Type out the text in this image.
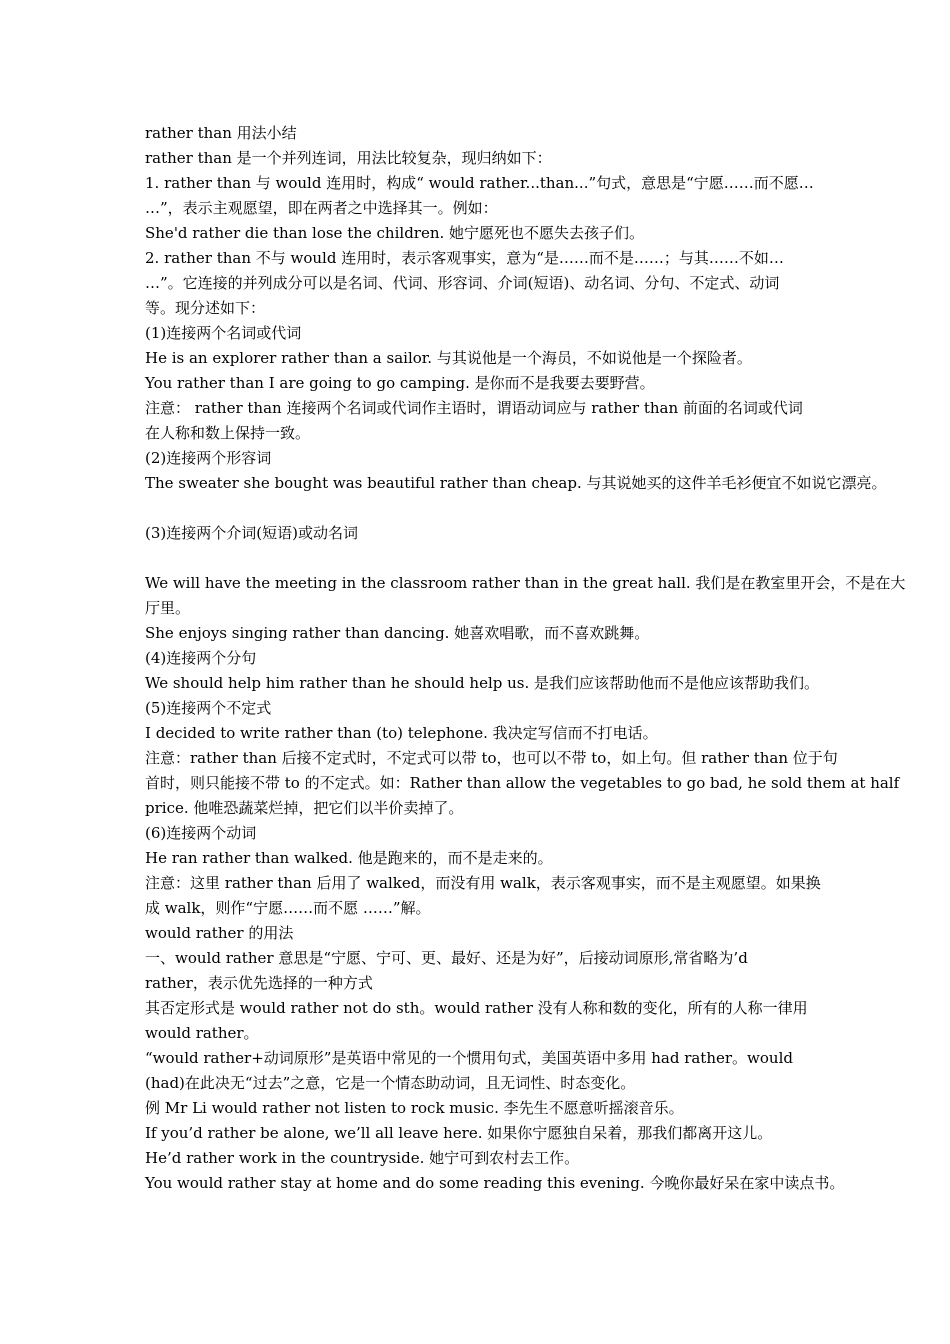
rather than 用法小结
rather than 是一个并列连词，用法比较复杂，现归纳如下：
1. rather than 与 would 连用时，构成“ would rather...than...”句式，意思是“宁愿……而不愿…
…”，表示主观愿望，即在两者之中选择其一。例如：
She'd rather die than lose the children. 她宁愿死也不愿失去孩子们。
2. rather than 不与 would 连用时，表示客观事实，意为“是……而不是……；与其……不如…
…”。它连接的并列成分可以是名词、代词、形容词、介词(短语)、动名词、分句、不定式、动词
等。现分述如下：
(1)连接两个名词或代词
He is an explorer rather than a sailor. 与其说他是一个海员，不如说他是一个探险者。
You rather than I are going to go camping. 是你而不是我要去要野营。
注意： rather than 连接两个名词或代词作主语时，谓语动词应与 rather than 前面的名词或代词
在人称和数上保持一致。
(2)连接两个形容词
The sweater she bought was beautiful rather than cheap. 与其说她买的这件羊毛衫便宜不如说它漂亮。
(3)连接两个介词(短语)或动名词
We will have the meeting in the classroom rather than in the great hall. 我们是在教室里开会，不是在大
厅里。
She enjoys singing rather than dancing. 她喜欢唱歌，而不喜欢跳舞。
(4)连接两个分句
We should help him rather than he should help us. 是我们应该帮助他而不是他应该帮助我们。
(5)连接两个不定式
I decided to write rather than (to) telephone. 我决定写信而不打电话。
注意：rather than 后接不定式时，不定式可以带 to，也可以不带 to，如上句。但 rather than 位于句
首时，则只能接不带 to 的不定式。如：Rather than allow the vegetables to go bad, he sold them at half
price. 他唯恐蔬菜烂掉，把它们以半价卖掉了。
(6)连接两个动词
He ran rather than walked. 他是跑来的，而不是走来的。
注意：这里 rather than 后用了 walked，而没有用 walk，表示客观事实，而不是主观愿望。如果换
成 walk，则作“宁愿……而不愿 ……”解。
would rather 的用法
一、would rather 意思是“宁愿、宁可、更、最好、还是为好”，后接动词原形,常省略为’d
rather，表示优先选择的一种方式
其否定形式是 would rather not do sth。would rather 没有人称和数的变化，所有的人称一律用
would rather。
“would rather+动词原形”是英语中常见的一个惯用句式，美国英语中多用 had rather。would
(had)在此决无“过去”之意，它是一个情态助动词，且无词性、时态变化。
例 Mr Li would rather not listen to rock music. 李先生不愿意听摇滚音乐。
If you’d rather be alone, we’ll all leave here. 如果你宁愿独自呆着，那我们都离开这儿。
He’d rather work in the countryside. 她宁可到农村去工作。
You would rather stay at home and do some reading this evening. 今晚你最好呆在家中读点书。
